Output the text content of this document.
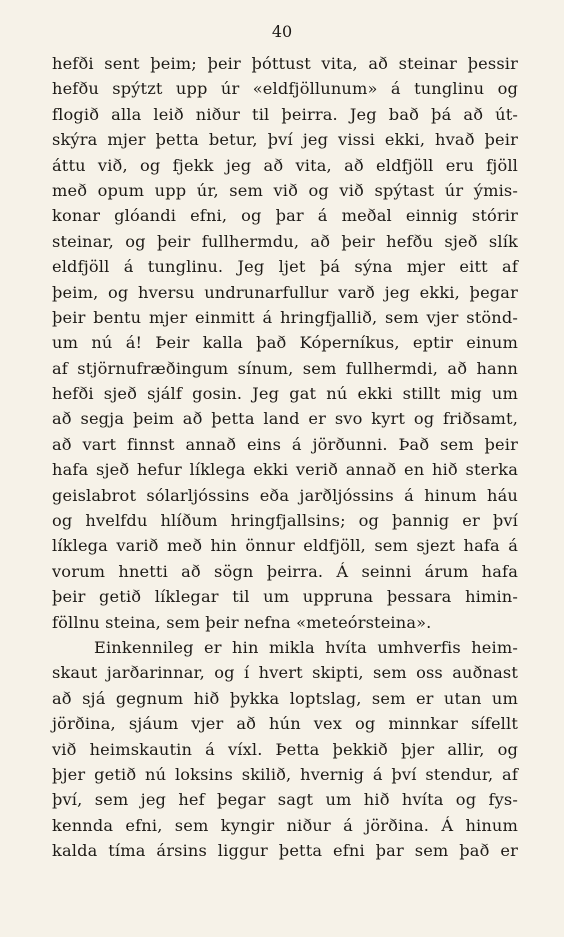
40
hefði sent þeim; þeir þóttust vita, að steinar þessir
hefðu spýtzt upp úr «eldfjöllunum» á tunglinu og
flogið alla leið niður til þeirra. Jeg bað þá að út-
skýra mjer þetta betur, því jeg vissi ekki, hvað þeir
áttu við, og fjekk jeg að vita, að eldfjöll eru fjöll
með opum upp úr, sem við og við spýtast úr ýmis-
konar glóandi efni, og þar á meðal einnig stórir
steinar, og þeir fullhermdu, að þeir hefðu sjeð slík
eldfjöll á tunglinu. Jeg ljet þá sýna mjer eitt af
þeim, og hversu undrunarfullur varð jeg ekki, þegar
þeir bentu mjer einmitt á hringfjallið, sem vjer stönd-
um nú á! Þeir kalla það Kóperníkus, eptir einum
af stjörnufræðingum sínum, sem fullhermdi, að hann
hefði sjeð sjálf gosin. Jeg gat nú ekki stillt mig um
að segja þeim að þetta land er svo kyrt og friðsamt,
að vart finnst annað eins á jörðunni. Það sem þeir
hafa sjeð hefur líklega ekki verið annað en hið sterka
geislabrot sólarljóssins eða jarðljóssins á hinum háu
og hvelfdu hlíðum hringfjallsins; og þannig er því
líklega varið með hin önnur eldfjöll, sem sjezt hafa á
vorum hnetti að sögn þeirra. Á seinni árum hafa
þeir getið líklegar til um uppruna þessara himin-
föllnu steina, sem þeir nefna «meteórsteina».
Einkennileg er hin mikla hvíta umhverfis heim-
skaut jarðarinnar, og í hvert skipti, sem oss auðnast
að sjá gegnum hið þykka loptslag, sem er utan um
jörðina, sjáum vjer að hún vex og minnkar sífellt
við heimskautin á víxl. Þetta þekkið þjer allir, og
þjer getið nú loksins skilið, hvernig á því stendur, af
því, sem jeg hef þegar sagt um hið hvíta og fys-
kennda efni, sem kyngir niður á jörðina. Á hinum
kalda tíma ársins liggur þetta efni þar sem það er
